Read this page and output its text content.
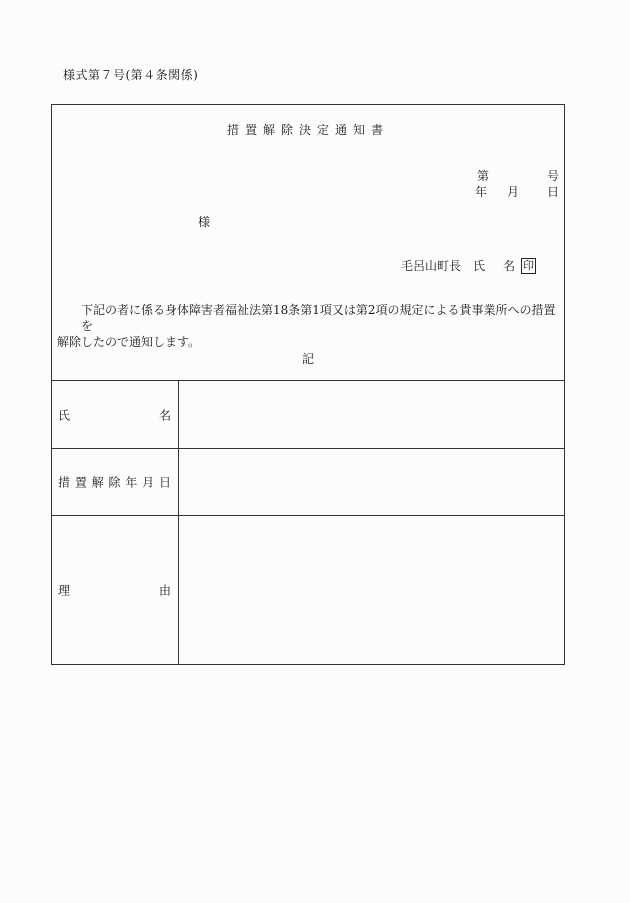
様式第７号(第４条関係)
措置解除決定通知書
第	号
年	月	日
様
毛呂山町長 氏 名 印
下記の者に係る身体障害者福祉法第18条第1項又は第2項の規定による貴事業所への措置を
解除したので通知します。
記
氏	名
措 置 解 除 年 月 日
理	由
